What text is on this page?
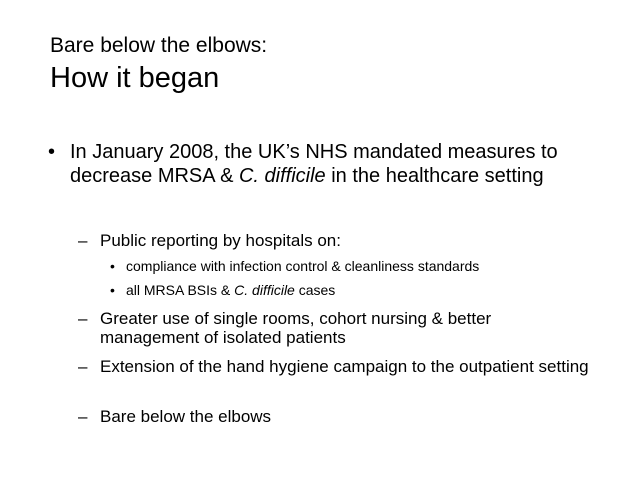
Bare below the elbows:
How it began
• In January 2008, the UK’s NHS mandated measures to decrease MRSA & C. difficile in the healthcare setting
– Public reporting by hospitals on:
• compliance with infection control & cleanliness standards
• all MRSA BSIs & C. difficile cases
– Greater use of single rooms, cohort nursing & better management of isolated patients
– Extension of the hand hygiene campaign to the outpatient setting
– Bare below the elbows
